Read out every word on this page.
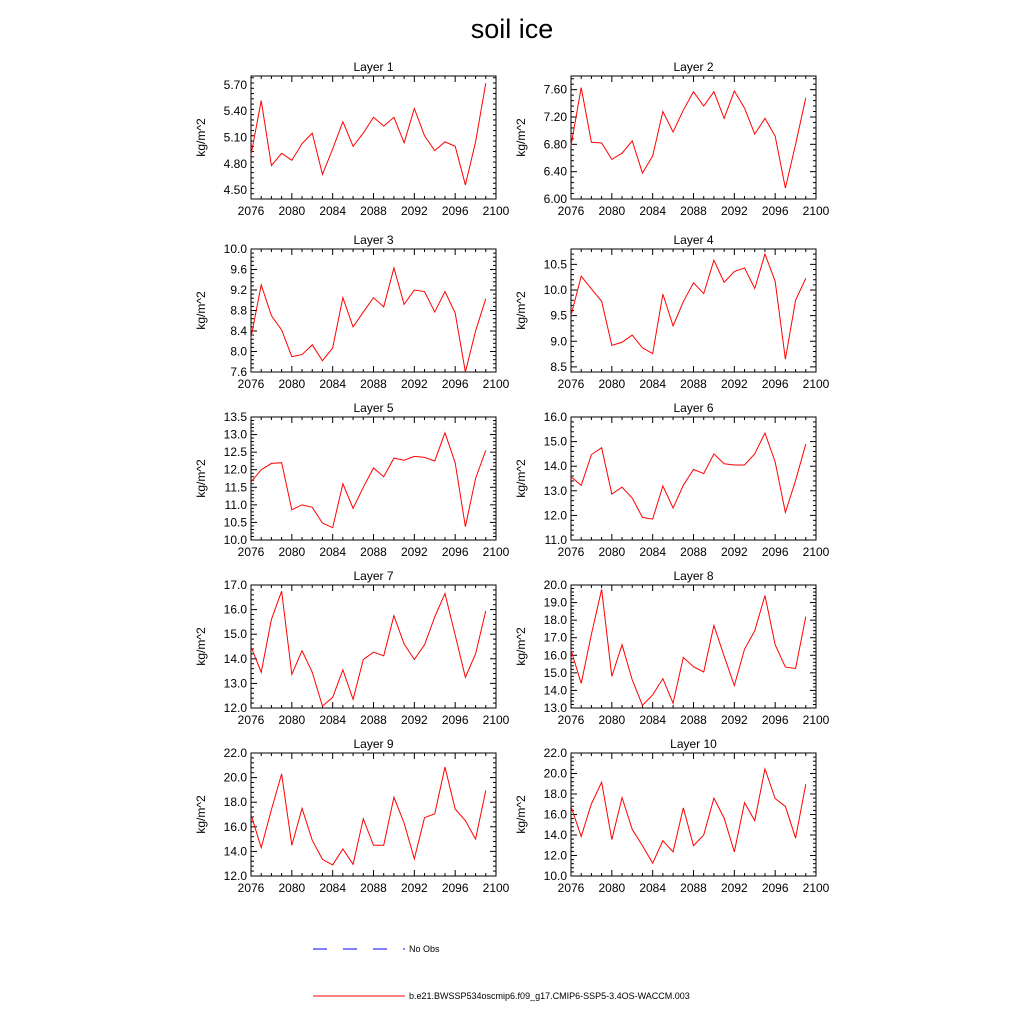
soil ice
Layer 1
kg/m^2
2076 2080 2084 2088 2092 2096 2100
4.50
4.80
5.10
5.40
5.70
Layer 2
kg/m^2
2076 2080 2084 2088 2092 2096 2100
6.00
6.40
6.80
7.20
7.60
Layer 3
kg/m^2
2076 2080 2084 2088 2092 2096 2100
7.6
8.0
8.4
8.8
9.2
9.6
10.0
Layer 4
kg/m^2
2076 2080 2084 2088 2092 2096 2100
8.5
9.0
9.5
10.0
10.5
Layer 5
kg/m^2
2076 2080 2084 2088 2092 2096 2100
10.0
10.5
11.0
11.5
12.0
12.5
13.0
13.5
Layer 6
kg/m^2
2076 2080 2084 2088 2092 2096 2100
11.0
12.0
13.0
14.0
15.0
16.0
Layer 7
kg/m^2
2076 2080 2084 2088 2092 2096 2100
12.0
13.0
14.0
15.0
16.0
17.0
Layer 8
kg/m^2
2076 2080 2084 2088 2092 2096 2100
13.0
14.0
15.0
16.0
17.0
18.0
19.0
20.0
Layer 9
kg/m^2
2076 2080 2084 2088 2092 2096 2100
12.0
14.0
16.0
18.0
20.0
22.0
Layer 10
kg/m^2
2076 2080 2084 2088 2092 2096 2100
10.0
12.0
14.0
16.0
18.0
20.0
22.0
No Obs
b.e21.BWSSP534oscmip6.f09_g17.CMIP6-SSP5-3.4OS-WACCM.003
